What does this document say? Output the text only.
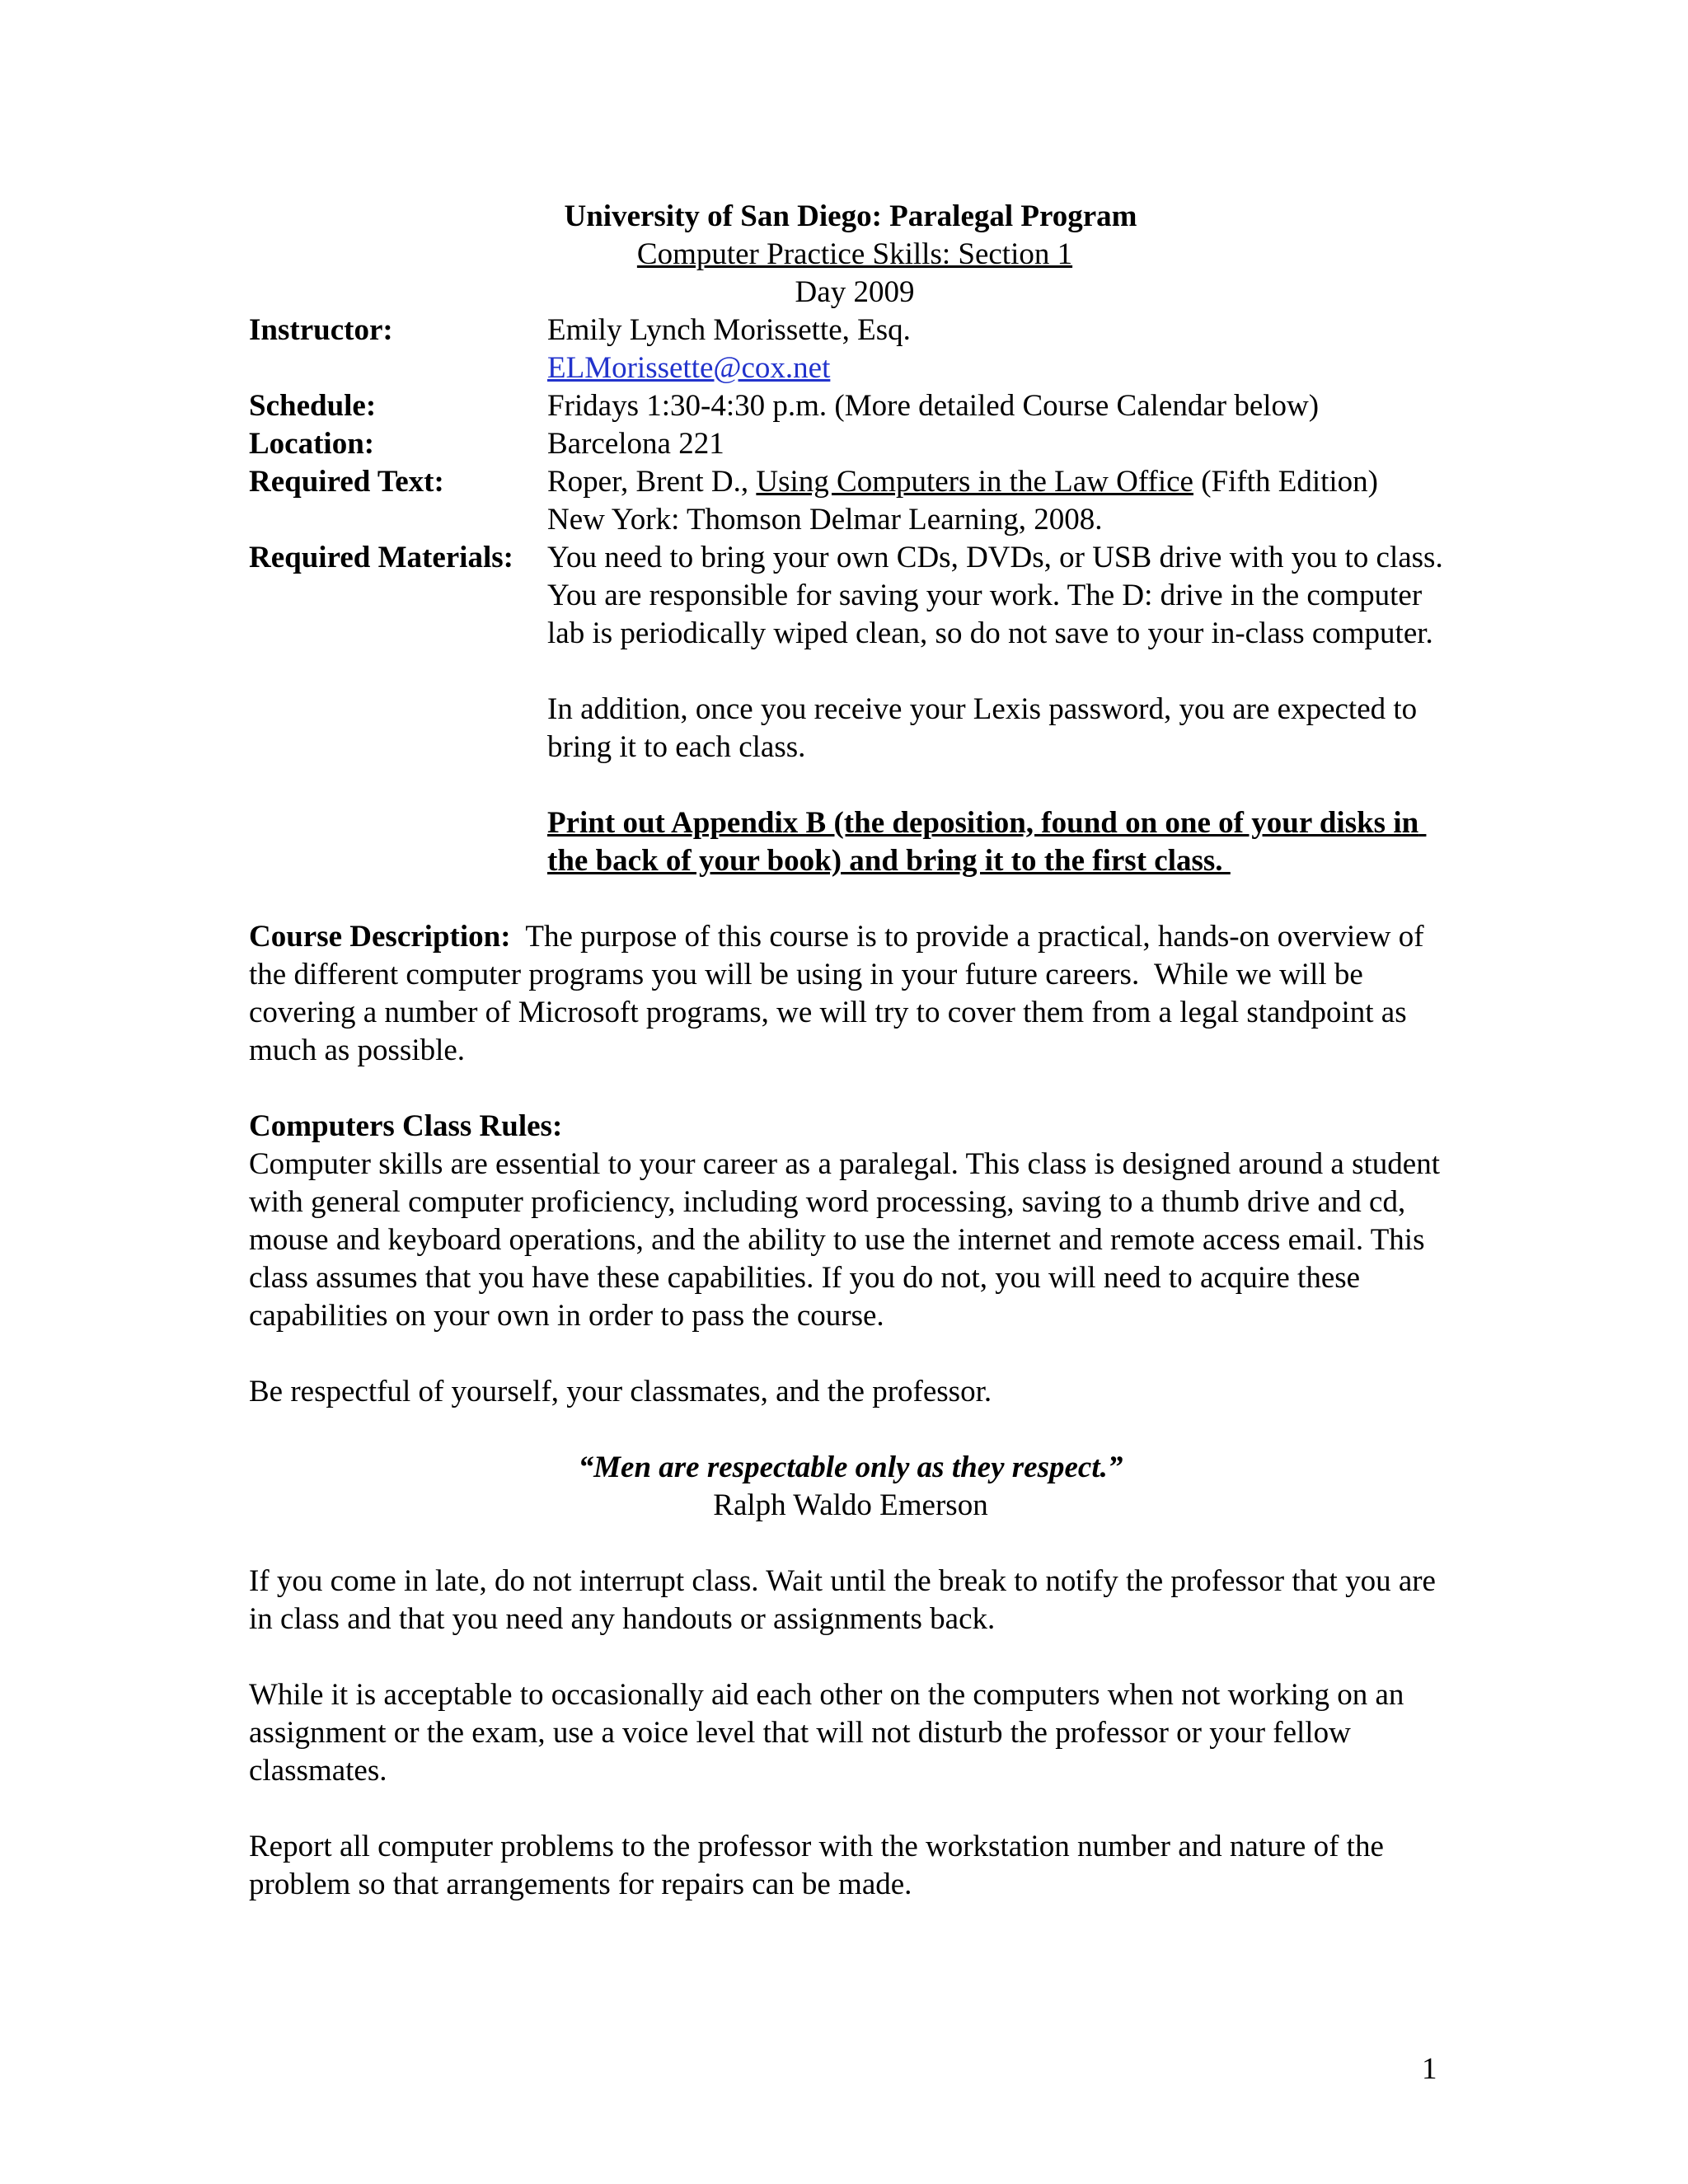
University of San Diego: Paralegal Program
Computer Practice Skills: Section 1
Day 2009
Instructor:	Emily Lynch Morissette, Esq.
ELMorissette@cox.net
Schedule:	Fridays 1:30-4:30 p.m. (More detailed Course Calendar below)
Location:	Barcelona 221
Required Text:	Roper, Brent D., Using Computers in the Law Office (Fifth Edition)
New York: Thomson Delmar Learning, 2008.
Required Materials:	You need to bring your own CDs, DVDs, or USB drive with you to class. You are responsible for saving your work. The D: drive in the computer lab is periodically wiped clean, so do not save to your in-class computer.
In addition, once you receive your Lexis password, you are expected to bring it to each class.
Print out Appendix B (the deposition, found on one of your disks in the back of your book) and bring it to the first class.
Course Description:  The purpose of this course is to provide a practical, hands-on overview of the different computer programs you will be using in your future careers.  While we will be covering a number of Microsoft programs, we will try to cover them from a legal standpoint as much as possible.
Computers Class Rules:
Computer skills are essential to your career as a paralegal. This class is designed around a student with general computer proficiency, including word processing, saving to a thumb drive and cd, mouse and keyboard operations, and the ability to use the internet and remote access email. This class assumes that you have these capabilities. If you do not, you will need to acquire these capabilities on your own in order to pass the course.
Be respectful of yourself, your classmates, and the professor.
“Men are respectable only as they respect.”
Ralph Waldo Emerson
If you come in late, do not interrupt class. Wait until the break to notify the professor that you are in class and that you need any handouts or assignments back.
While it is acceptable to occasionally aid each other on the computers when not working on an assignment or the exam, use a voice level that will not disturb the professor or your fellow classmates.
Report all computer problems to the professor with the workstation number and nature of the problem so that arrangements for repairs can be made.
1
